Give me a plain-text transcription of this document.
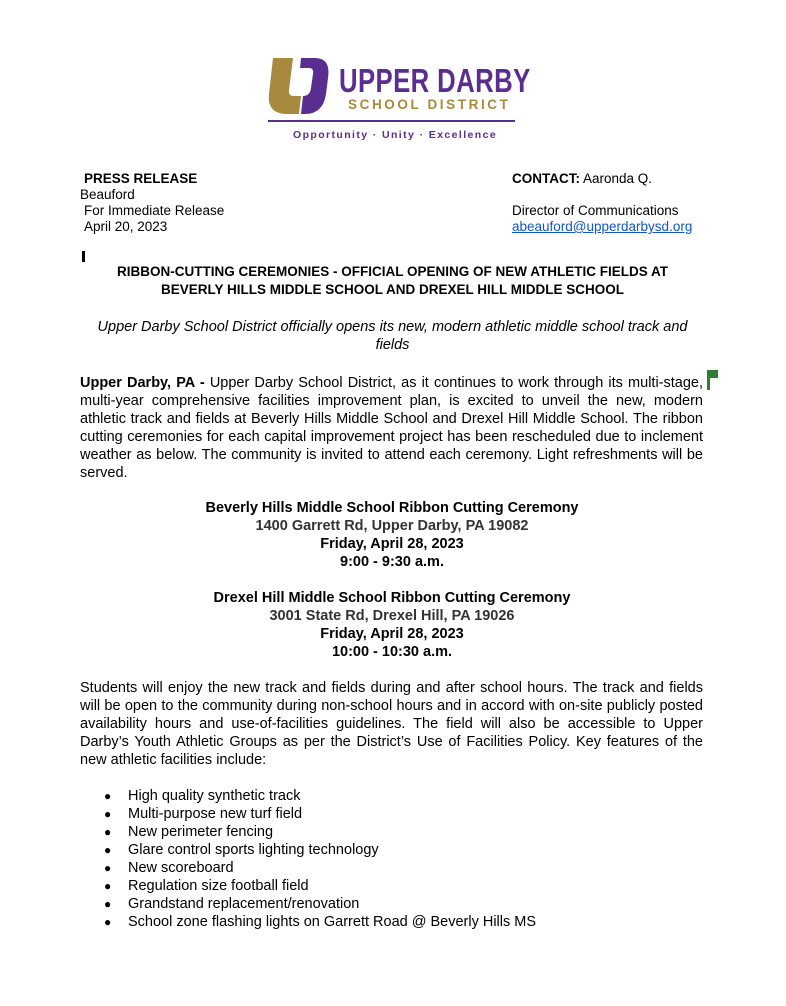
UPPER DARBY
SCHOOL DISTRICT
Opportunity · Unity · Excellence
PRESS RELEASE
Beauford
For Immediate Release
April 20, 2023
CONTACT: Aaronda Q.
Director of Communications
abeauford@upperdarbysd.org
RIBBON-CUTTING CEREMONIES - OFFICIAL OPENING OF NEW ATHLETIC FIELDS AT
BEVERLY HILLS MIDDLE SCHOOL AND DREXEL HILL MIDDLE SCHOOL
Upper Darby School District officially opens its new, modern athletic middle school track and
fields
Upper Darby, PA - Upper Darby School District, as it continues to work through its multi-stage, multi-year comprehensive facilities improvement plan, is excited to unveil the new, modern athletic track and fields at Beverly Hills Middle School and Drexel Hill Middle School. The ribbon cutting ceremonies for each capital improvement project has been rescheduled due to inclement weather as below. The community is invited to attend each ceremony. Light refreshments will be served.
Beverly Hills Middle School Ribbon Cutting Ceremony
1400 Garrett Rd, Upper Darby, PA 19082
Friday, April 28, 2023
9:00 - 9:30 a.m.
Drexel Hill Middle School Ribbon Cutting Ceremony
3001 State Rd, Drexel Hill, PA 19026
Friday, April 28, 2023
10:00 - 10:30 a.m.
Students will enjoy the new track and fields during and after school hours. The track and fields will be open to the community during non-school hours and in accord with on-site publicly posted availability hours and use-of-facilities guidelines. The field will also be accessible to Upper Darby’s Youth Athletic Groups as per the District’s Use of Facilities Policy. Key features of the new athletic facilities include:
● High quality synthetic track
● Multi-purpose new turf field
● New perimeter fencing
● Glare control sports lighting technology
● New scoreboard
● Regulation size football field
● Grandstand replacement/renovation
● School zone flashing lights on Garrett Road @ Beverly Hills MS
